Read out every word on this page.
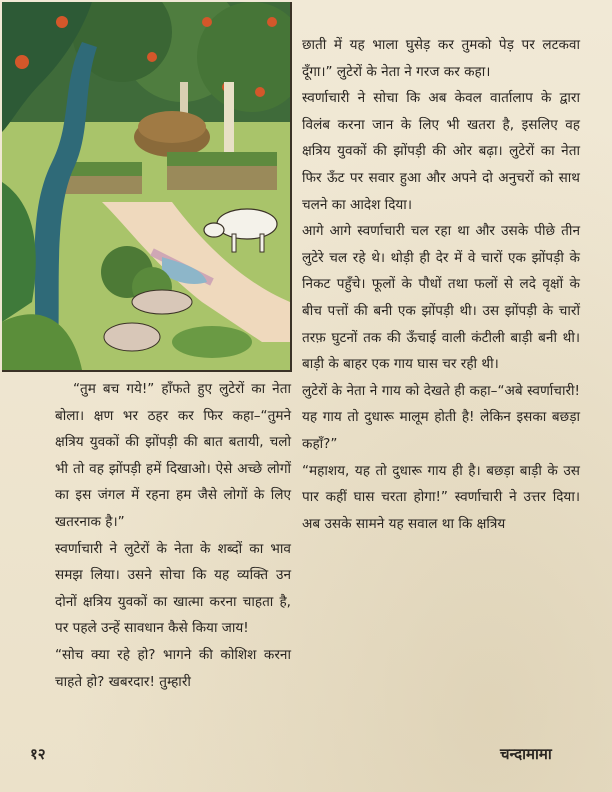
“तुम बच गये!” हाँफते हुए लुटेरों का नेता बोला। क्षण भर ठहर कर फिर कहा–“तुमने क्षत्रिय युवकों की झोंपड़ी की बात बतायी, चलो भी तो वह झोंपड़ी हमें दिखाओ। ऐसे अच्छे लोगों का इस जंगल में रहना हम जैसे लोगों के लिए खतरनाक है।”

स्वर्णाचारी ने लुटेरों के नेता के शब्दों का भाव समझ लिया। उसने सोचा कि यह व्यक्ति उन दोनों क्षत्रिय युवकों का खात्मा करना चाहता है, पर पहले उन्हें सावधान कैसे किया जाय!

“सोच क्या रहे हो? भागने की कोशिश करना चाहते हो? खबरदार! तुम्हारी

छाती में यह भाला घुसेड़ कर तुमको पेड़ पर लटकवा दूँगा।” लुटेरों के नेता ने गरज कर कहा।

स्वर्णाचारी ने सोचा कि अब केवल वार्तालाप के द्वारा विलंब करना जान के लिए भी खतरा है, इसलिए वह क्षत्रिय युवकों की झोंपड़ी की ओर बढ़ा। लुटेरों का नेता फिर ऊँट पर सवार हुआ और अपने दो अनुचरों को साथ चलने का आदेश दिया।

आगे आगे स्वर्णाचारी चल रहा था और उसके पीछे तीन लुटेरे चल रहे थे। थोड़ी ही देर में वे चारों एक झोंपड़ी के निकट पहुँचे। फूलों के पौधों तथा फलों से लदे वृक्षों के बीच पत्तों की बनी एक झोंपड़ी थी। उस झोंपड़ी के चारों तरफ़ घुटनों तक की ऊँचाई वाली कंटीली बाड़ी बनी थी। बाड़ी के बाहर एक गाय घास चर रही थी।

लुटेरों के नेता ने गाय को देखते ही कहा–“अबे स्वर्णाचारी! यह गाय तो दुधारू मालूम होती है! लेकिन इसका बछड़ा कहाँ?”

“महाशय, यह तो दुधारू गाय ही है। बछड़ा बाड़ी के उस पार कहीं घास चरता होगा!” स्वर्णाचारी ने उत्तर दिया। अब उसके सामने यह सवाल था कि क्षत्रिय

१२	चन्दामामा
